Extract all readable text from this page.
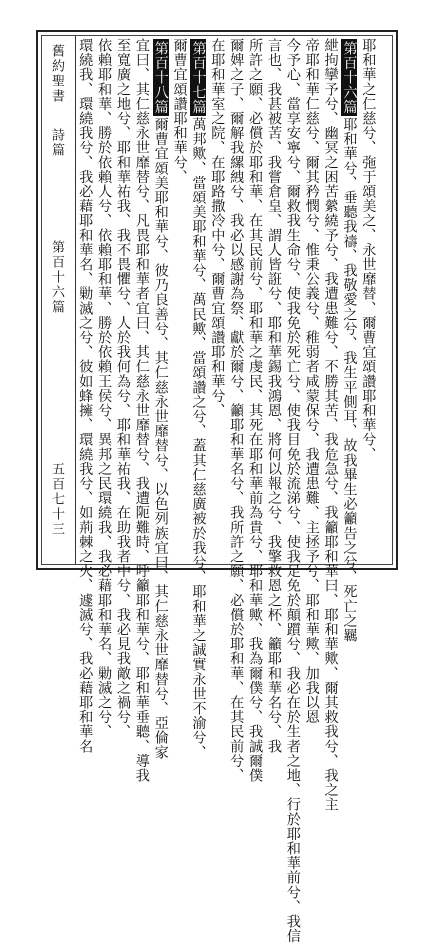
舊約聖書
詩篇
第百十六篇
五百七十三
耶和華之仁慈兮、㢮于頌美之、永世靡替、爾曹宜頌讚耶和華兮、
第百十六篇耶和華兮、垂聽我禱、我敬愛之兮、我生平側耳、故我畢生必籲告之兮、死亡之羈
紲拘攣予兮、幽冥之困苦縈繞予兮、我遭患難兮、不勝其苦、我危急兮、我籲耶和華曰、耶和華歟、爾其救我兮、我之主
帝耶和華仁慈兮、爾其矜憫兮、惟秉公義兮、稚弱者咸蒙保兮、我遭患難、主拯予兮、耶和華歟、加我以恩
今予心、當享安寧兮、爾救我生命兮、使我免於死亡兮、使我目免於流涕兮、使我足免於顛躓兮、我必在於生者之地、行於耶和華前兮、我信
言也、我甚被苦、我嘗倉皇、謂人皆誑兮、耶和華錫我鴻恩、將何以報之兮、我擎救恩之杯、籲耶和華名兮、我
所許之願、必償於耶和華、在其民前兮、耶和華之虔民、其死在耶和華前為貴兮、耶和華歟、我為爾僕兮、我誠爾僕
爾婢之子、爾解我縲絏兮、我必以感謝為祭、獻於爾兮、籲耶和華名兮、我所許之願、必償於耶和華、在其民前兮、
在耶和華室之院、在耶路撒冷中兮、爾曹宜頌讚耶和華兮、
第百十七篇萬邦歟、當頌美耶和華兮、萬民歟、當頌讚之兮、蓋其仁慈廣被於我兮、耶和華之誠實永世不渝兮、
爾曹宜頌讚耶和華兮、
第百十八篇爾曹宜頌美耶和華兮、彼乃良善兮、其仁慈永世靡替兮、以色列族宜曰、其仁慈永世靡替兮、亞倫家
宜曰、其仁慈永世靡替兮、凡畏耶和華者宜曰、其仁慈永世靡替兮、我遭阨難時、呼籲耶和華兮、耶和華垂聽、導我
至寬廣之地兮、耶和華祐我、我不畏懼兮、人於我何為兮、耶和華祐我、在助我者中兮、我必見我敵之禍兮、
依賴耶和華、勝於依賴人兮、依賴耶和華、勝於依賴王侯兮、異邦之民環繞我、我必藉耶和華名、勦滅之兮、
環繞我、環繞我兮、我必藉耶和華名、勦滅之兮、彼如蜂擁、環繞我兮、如荊棘之火、遽滅兮、我必藉耶和華名
